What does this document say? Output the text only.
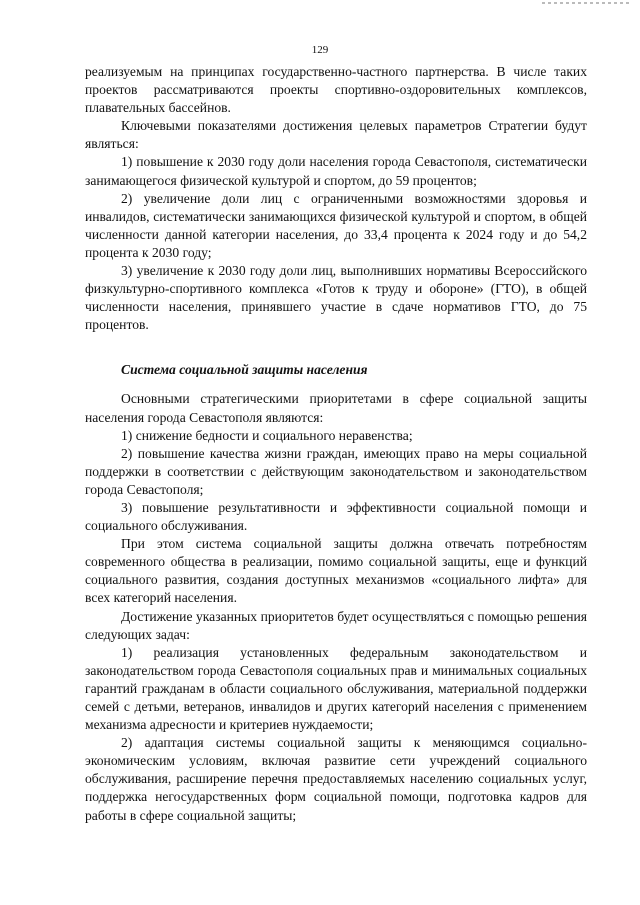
129

реализуемым на принципах государственно-частного партнерства. В числе таких проектов рассматриваются проекты спортивно-оздоровительных комплексов, плавательных бассейнов.

Ключевыми показателями достижения целевых параметров Стратегии будут являться:

1) повышение к 2030 году доли населения города Севастополя, систематически занимающегося физической культурой и спортом, до 59 процентов;

2) увеличение доли лиц с ограниченными возможностями здоровья и инвалидов, систематически занимающихся физической культурой и спортом, в общей численности данной категории населения, до 33,4 процента к 2024 году и до 54,2 процента к 2030 году;

3) увеличение к 2030 году доли лиц, выполнивших нормативы Всероссийского физкультурно-спортивного комплекса «Готов к труду и обороне» (ГТО), в общей численности населения, принявшего участие в сдаче нормативов ГТО, до 75 процентов.

Система социальной защиты населения

Основными стратегическими приоритетами в сфере социальной защиты населения города Севастополя являются:

1) снижение бедности и социального неравенства;

2) повышение качества жизни граждан, имеющих право на меры социальной поддержки в соответствии с действующим законодательством и законодательством города Севастополя;

3) повышение результативности и эффективности социальной помощи и социального обслуживания.

При этом система социальной защиты должна отвечать потребностям современного общества в реализации, помимо социальной защиты, еще и функций социального развития, создания доступных механизмов «социального лифта» для всех категорий населения.

Достижение указанных приоритетов будет осуществляться с помощью решения следующих задач:

1) реализация установленных федеральным законодательством и законодательством города Севастополя социальных прав и минимальных социальных гарантий гражданам в области социального обслуживания, материальной поддержки семей с детьми, ветеранов, инвалидов и других категорий населения с применением механизма адресности и критериев нуждаемости;

2) адаптация системы социальной защиты к меняющимся социально-экономическим условиям, включая развитие сети учреждений социального обслуживания, расширение перечня предоставляемых населению социальных услуг, поддержка негосударственных форм социальной помощи, подготовка кадров для работы в сфере социальной защиты;
